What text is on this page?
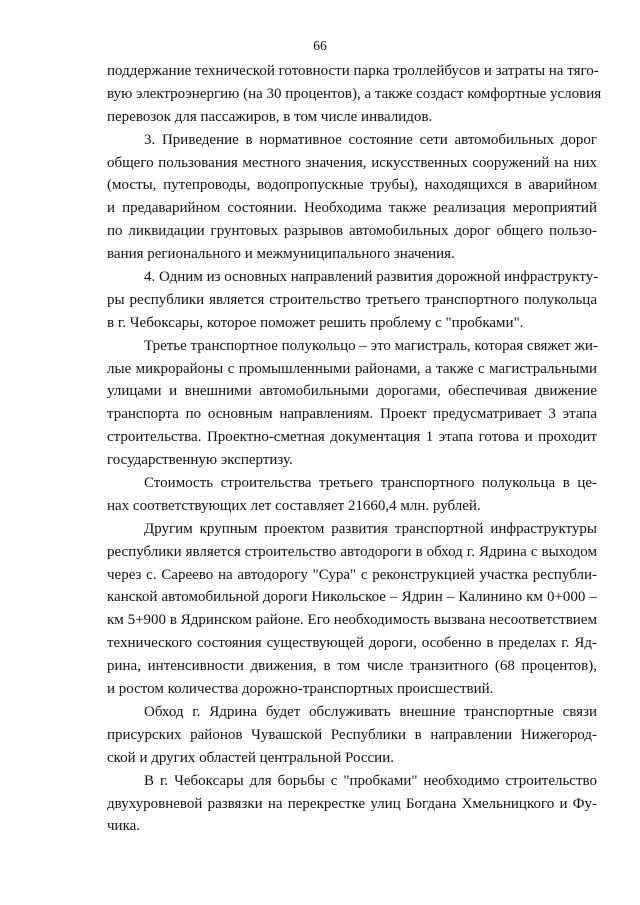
66
поддержание технической готовности парка троллейбусов и затраты на тяго-
вую электроэнергию (на 30 процентов), а также создаст комфортные условия
перевозок для пассажиров, в том числе инвалидов.
3. Приведение в нормативное состояние сети автомобильных дорог
общего пользования местного значения, искусственных сооружений на них
(мосты, путепроводы, водопропускные трубы), находящихся в аварийном
и предаварийном состоянии. Необходима также реализация мероприятий
по ликвидации грунтовых разрывов автомобильных дорог общего пользо-
вания регионального и межмуниципального значения.
4. Одним из основных направлений развития дорожной инфраструкту-
ры республики является строительство третьего транспортного полукольца
в г. Чебоксары, которое поможет решить проблему с "пробками".
Третье транспортное полукольцо – это магистраль, которая свяжет жи-
лые микрорайоны с промышленными районами, а также с магистральными
улицами и внешними автомобильными дорогами, обеспечивая движение
транспорта по основным направлениям. Проект предусматривает 3 этапа
строительства. Проектно-сметная документация 1 этапа готова и проходит
государственную экспертизу.
Стоимость строительства третьего транспортного полукольца в це-
нах соответствующих лет составляет 21660,4 млн. рублей.
Другим крупным проектом развития транспортной инфраструктуры
республики является строительство автодороги в обход г. Ядрина с выходом
через с. Сареево на автодорогу "Сура" с реконструкцией участка республи-
канской автомобильной дороги Никольское – Ядрин – Калинино км 0+000 –
км 5+900 в Ядринском районе. Его необходимость вызвана несоответствием
технического состояния существующей дороги, особенно в пределах г. Яд-
рина, интенсивности движения, в том числе транзитного (68 процентов),
и ростом количества дорожно-транспортных происшествий.
Обход г. Ядрина будет обслуживать внешние транспортные связи
присурских районов Чувашской Республики в направлении Нижегород-
ской и других областей центральной России.
В г. Чебоксары для борьбы с "пробками" необходимо строительство
двухуровневой развязки на перекрестке улиц Богдана Хмельницкого и Фу-
чика.
